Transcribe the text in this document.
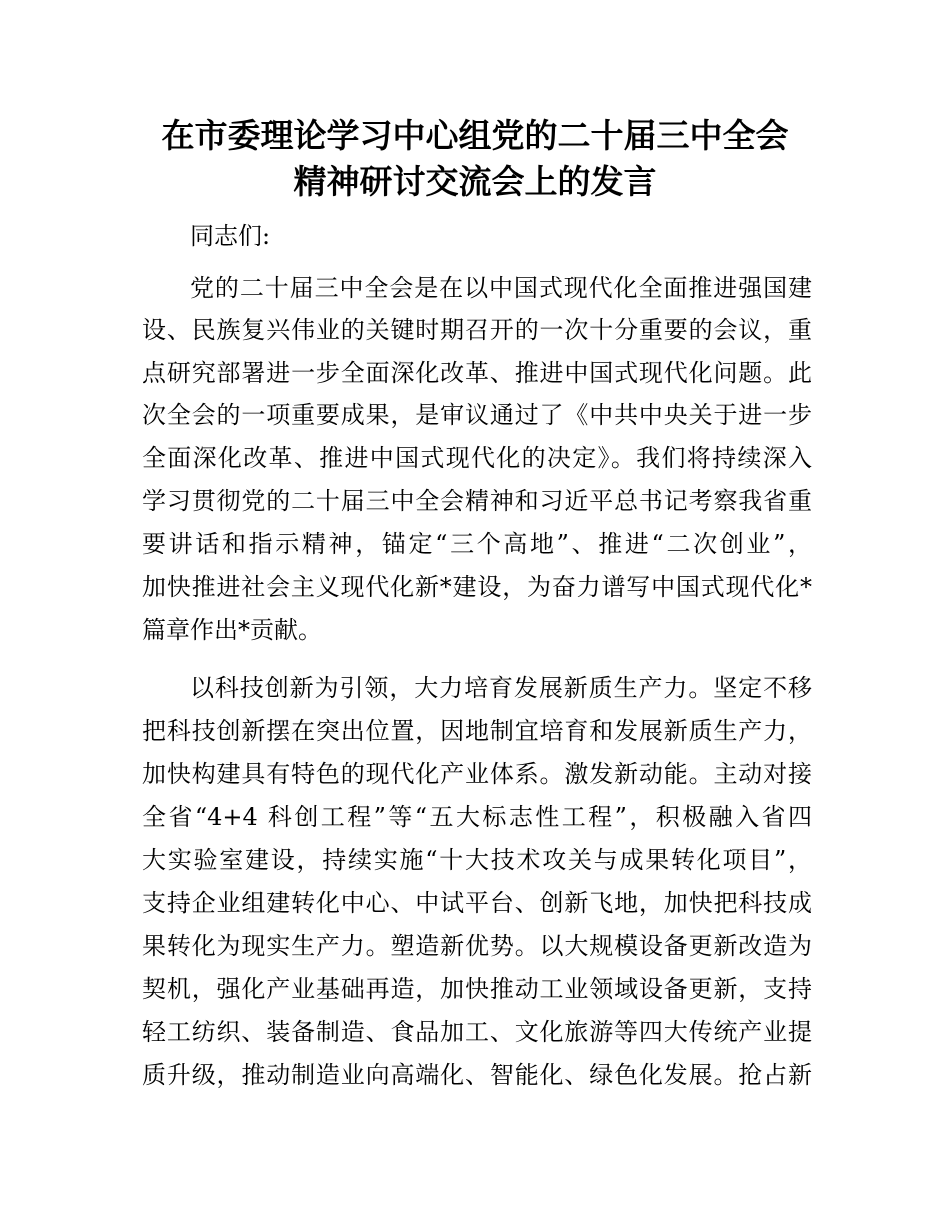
在市委理论学习中心组党的二十届三中全会
精神研讨交流会上的发言
同志们:
党的二十届三中全会是在以中国式现代化全面推进强国建
设、民族复兴伟业的关键时期召开的一次十分重要的会议，重
点研究部署进一步全面深化改革、推进中国式现代化问题。此
次全会的一项重要成果，是审议通过了《中共中央关于进一步
全面深化改革、推进中国式现代化的决定》。我们将持续深入
学习贯彻党的二十届三中全会精神和习近平总书记考察我省重
要讲话和指示精神，锚定“三个高地”、推进“二次创业”，
加快推进社会主义现代化新*建设，为奋力谱写中国式现代化*
篇章作出*贡献。
以科技创新为引领，大力培育发展新质生产力。坚定不移
把科技创新摆在突出位置，因地制宜培育和发展新质生产力，
加快构建具有特色的现代化产业体系。激发新动能。主动对接
全省“4+4 科创工程”等“五大标志性工程”，积极融入省四
大实验室建设，持续实施“十大技术攻关与成果转化项目”，
支持企业组建转化中心、中试平台、创新飞地，加快把科技成
果转化为现实生产力。塑造新优势。以大规模设备更新改造为
契机，强化产业基础再造，加快推动工业领域设备更新，支持
轻工纺织、装备制造、食品加工、文化旅游等四大传统产业提
质升级，推动制造业向高端化、智能化、绿色化发展。抢占新
